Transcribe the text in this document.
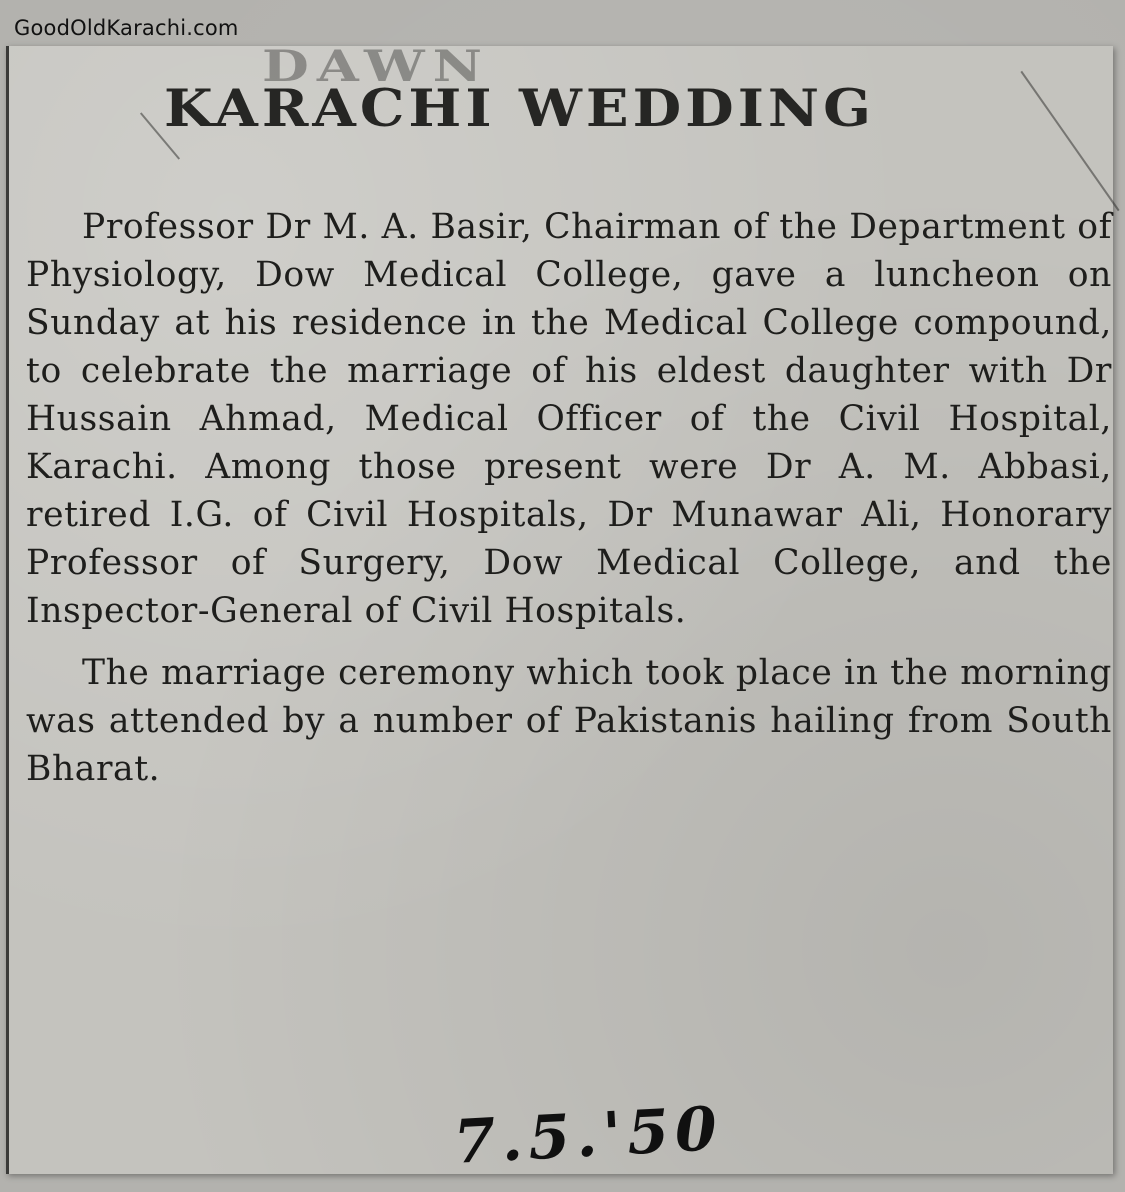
GoodOldKarachi.com
DAWN
KARACHI WEDDING

Professor Dr M. A. Basir, Chairman of the Department of Physiology, Dow Medical College, gave a luncheon on Sunday at his residence in the Medical College compound, to celebrate the marriage of his eldest daughter with Dr Hussain Ahmad, Medical Officer of the Civil Hospital, Karachi. Among those present were Dr A. M. Abbasi, retired I.G. of Civil Hospitals, Dr Munawar Ali, Honorary Professor of Surgery, Dow Medical College, and the Inspector-General of Civil Hospitals.

The marriage ceremony which took place in the morning was attended by a number of Pakistanis hailing from South Bharat.

7.5.'50
